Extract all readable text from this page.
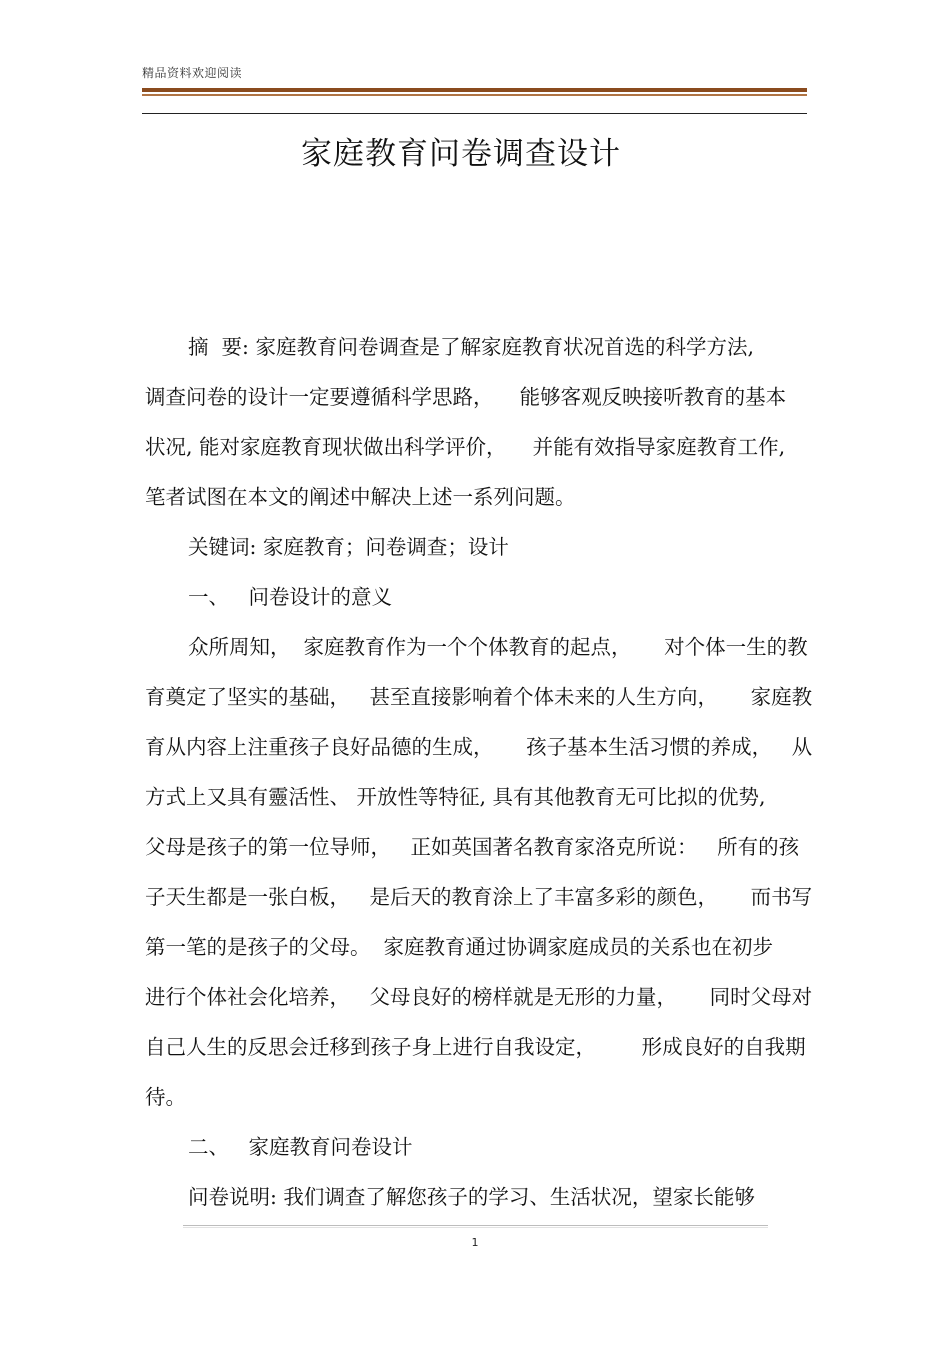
精品资料欢迎阅读
家庭教育问卷调查设计
摘  要: 家庭教育问卷调查是了解家庭教育状况首选的科学方法,
调查问卷的设计一定要遵循科学思路，    能够客观反映接听教育的基本
状况, 能对家庭教育现状做出科学评价，    并能有效指导家庭教育工作,
笔者试图在本文的阐述中解决上述一系列问题。
关键词: 家庭教育；问卷调查；设计
一、   问卷设计的意义
众所周知，  家庭教育作为一个个体教育的起点，     对个体一生的教
育奠定了坚实的基础，   甚至直接影响着个体未来的人生方向，     家庭教
育从内容上注重孩子良好品德的生成，     孩子基本生活习惯的养成，   从
方式上又具有靈活性、 开放性等特征, 具有其他教育无可比拟的优势,
父母是孩子的第一位导师，   正如英国著名教育家洛克所说：   所有的孩
子天生都是一张白板，   是后天的教育涂上了丰富多彩的颜色，     而书写
第一笔的是孩子的父母。  家庭教育通过协调家庭成员的关系也在初步
进行个体社会化培养，   父母良好的榜样就是无形的力量，     同时父母对
自己人生的反思会迁移到孩子身上进行自我设定，       形成良好的自我期
待。
二、   家庭教育问卷设计
问卷说明: 我们调查了解您孩子的学习、生活状况，望家长能够
1
